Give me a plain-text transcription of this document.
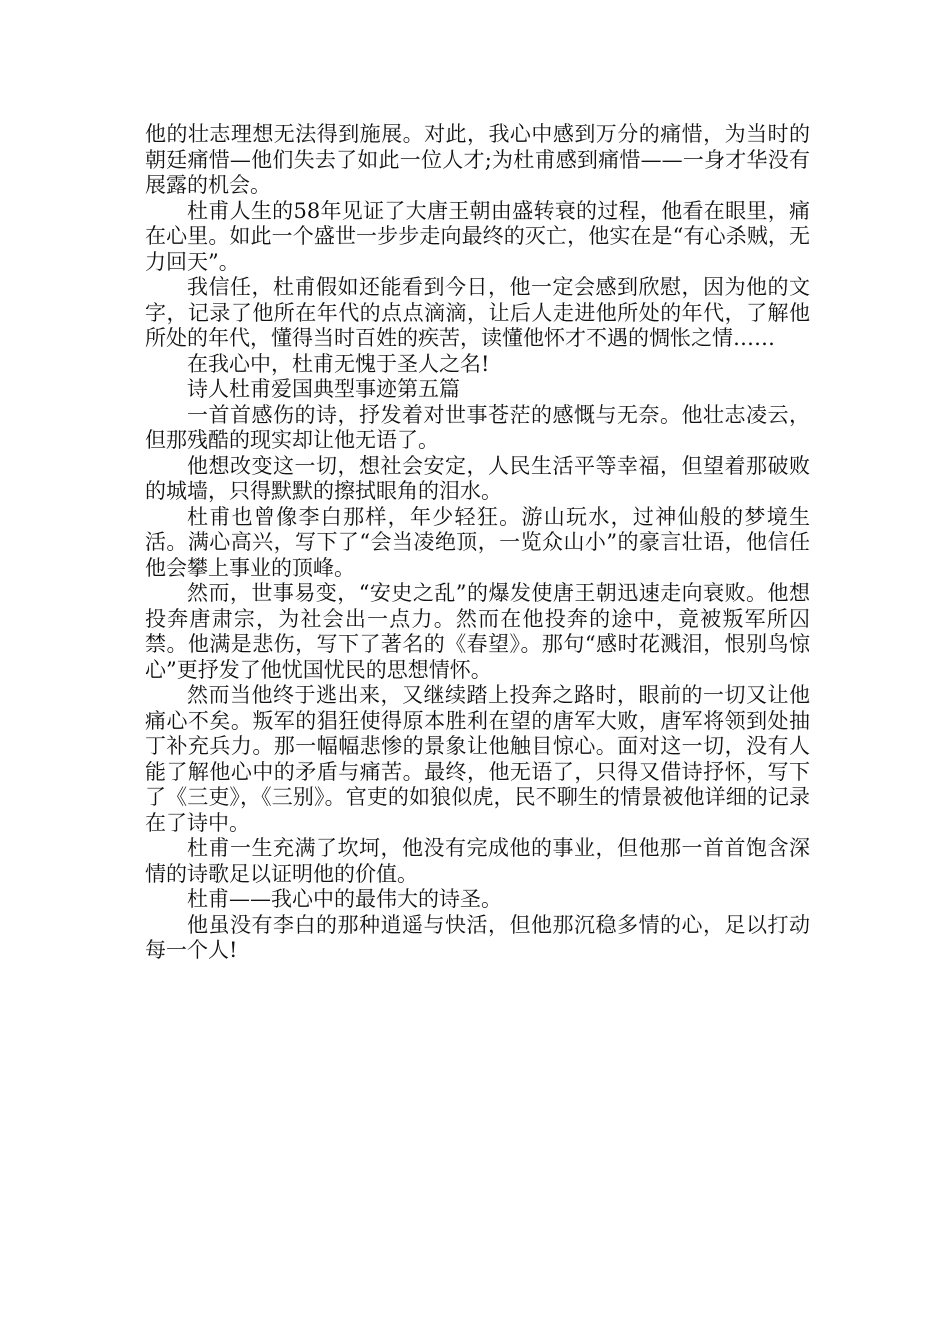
他的壮志理想无法得到施展。对此，我心中感到万分的痛惜，为当时的朝廷痛惜—他们失去了如此一位人才;为杜甫感到痛惜——一身才华没有展露的机会。

杜甫人生的58年见证了大唐王朝由盛转衰的过程，他看在眼里，痛在心里。如此一个盛世一步步走向最终的灭亡，他实在是“有心杀贼，无力回天”。

我信任，杜甫假如还能看到今日，他一定会感到欣慰，因为他的文字，记录了他所在年代的点点滴滴，让后人走进他所处的年代，了解他所处的年代，懂得当时百姓的疾苦，读懂他怀才不遇的惆怅之情……

在我心中，杜甫无愧于圣人之名!

诗人杜甫爱国典型事迹第五篇

一首首感伤的诗，抒发着对世事苍茫的感慨与无奈。他壮志凌云，但那残酷的现实却让他无语了。

他想改变这一切，想社会安定，人民生活平等幸福，但望着那破败的城墙，只得默默的擦拭眼角的泪水。

杜甫也曾像李白那样，年少轻狂。游山玩水，过神仙般的梦境生活。满心高兴，写下了“会当凌绝顶，一览众山小”的豪言壮语，他信任他会攀上事业的顶峰。

然而，世事易变，“安史之乱”的爆发使唐王朝迅速走向衰败。他想投奔唐肃宗，为社会出一点力。然而在他投奔的途中，竟被叛军所囚禁。他满是悲伤，写下了著名的《春望》。那句“感时花溅泪，恨别鸟惊心”更抒发了他忧国忧民的思想情怀。

然而当他终于逃出来，又继续踏上投奔之路时，眼前的一切又让他痛心不矣。叛军的猖狂使得原本胜利在望的唐军大败，唐军将领到处抽丁补充兵力。那一幅幅悲惨的景象让他触目惊心。面对这一切，没有人能了解他心中的矛盾与痛苦。最终，他无语了，只得又借诗抒怀，写下了《三吏》，《三别》。官吏的如狼似虎，民不聊生的情景被他详细的记录在了诗中。

杜甫一生充满了坎坷，他没有完成他的事业，但他那一首首饱含深情的诗歌足以证明他的价值。

杜甫——我心中的最伟大的诗圣。

他虽没有李白的那种逍遥与快活，但他那沉稳多情的心，足以打动每一个人!
